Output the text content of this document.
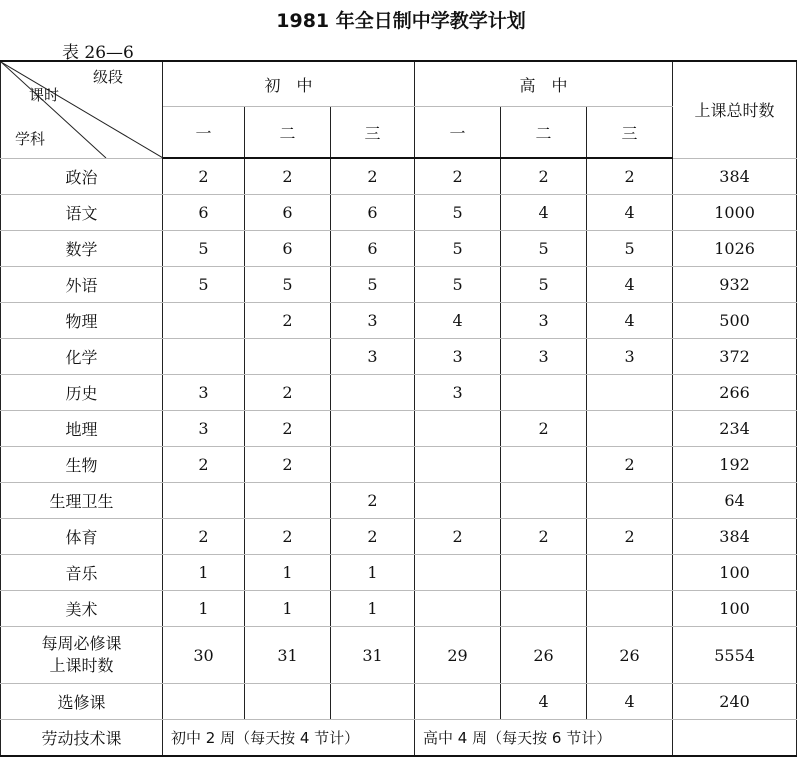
1981 年全日制中学教学计划
表 26—6
级段
课时
学科	初　中			高　中			上课总时数
	一	二	三	一	二	三	
政治	2	2	2	2	2	2	384
语文	6	6	6	5	4	4	1000
数学	5	6	6	5	5	5	1026
外语	5	5	5	5	5	4	932
物理		2	3	4	3	4	500
化学			3	3	3	3	372
历史	3	2		3			266
地理	3	2			2		234
生物	2	2				2	192
生理卫生			2				64
体育	2	2	2	2	2	2	384
音乐	1	1	1				100
美术	1	1	1				100

每周必修课
上课时数	30	31	31	29	26	26	5554
选修课					4	4	240
劳动技术课	初中 2 周（每天按 4 节计）			高中 4 周（每天按 6 节计）			
